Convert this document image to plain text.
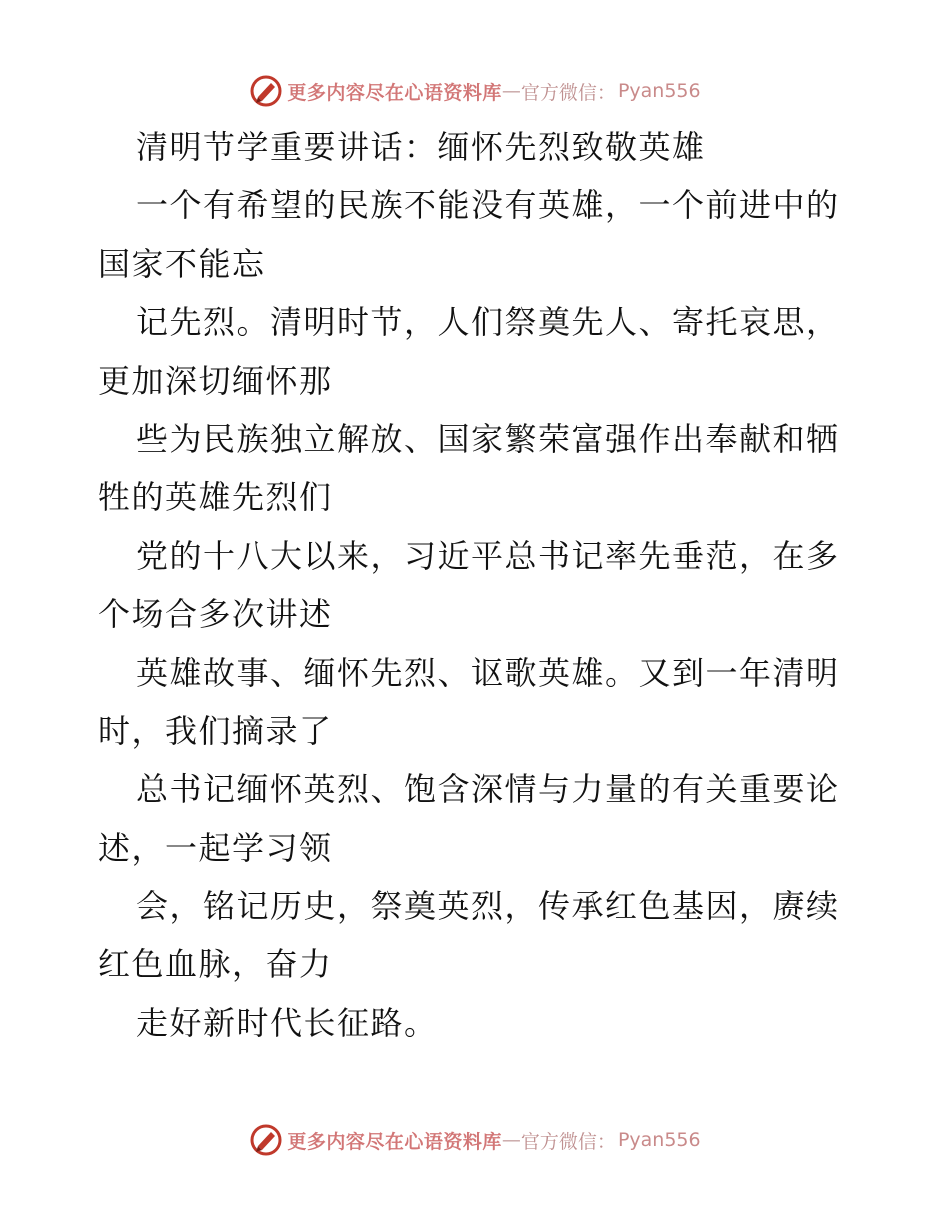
更多内容尽在心语资料库 — 官方微信： Pyan556
清明节学重要讲话：缅怀先烈致敬英雄
一个有希望的民族不能没有英雄，一个前进中的
国家不能忘
记先烈。清明时节，人们祭奠先人、寄托哀思，
更加深切缅怀那
些为民族独立解放、国家繁荣富强作出奉献和牺
牲的英雄先烈们
党的十八大以来，习近平总书记率先垂范，在多
个场合多次讲述
英雄故事、缅怀先烈、讴歌英雄。又到一年清明
时，我们摘录了
总书记缅怀英烈、饱含深情与力量的有关重要论
述，一起学习领
会，铭记历史，祭奠英烈，传承红色基因，赓续
红色血脉，奋力
走好新时代长征路。
更多内容尽在心语资料库 — 官方微信： Pyan556
